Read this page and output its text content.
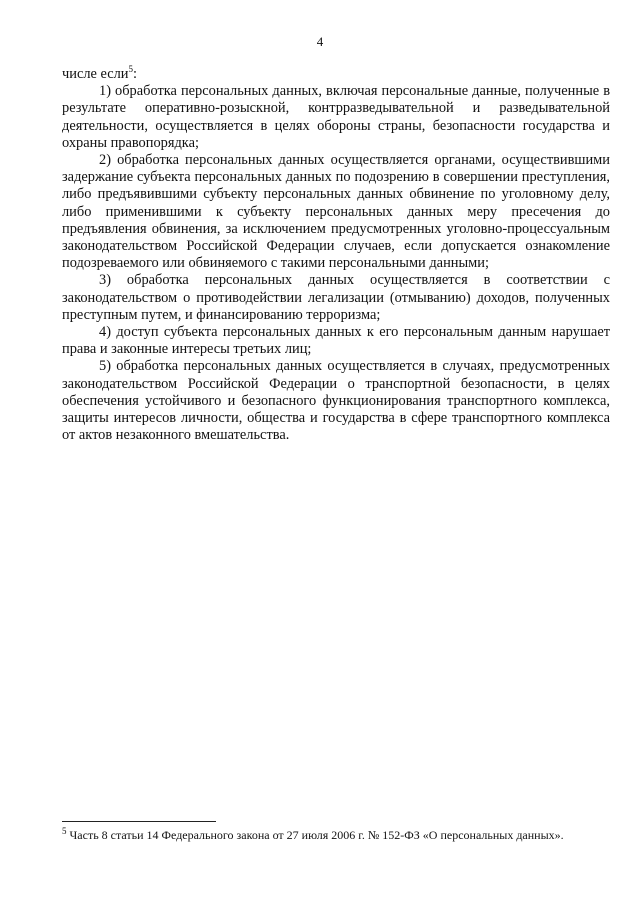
4

числе если$^5$:

1) обработка персональных данных, включая персональные данные, полученные в результате оперативно-розыскной, контрразведывательной и разведывательной деятельности, осуществляется в целях обороны страны, безопасности государства и охраны правопорядка;

2) обработка персональных данных осуществляется органами, осуществившими задержание субъекта персональных данных по подозрению в совершении преступления, либо предъявившими субъекту персональных данных обвинение по уголовному делу, либо применившими к субъекту персональных данных меру пресечения до предъявления обвинения, за исключением предусмотренных уголовно-процессуальным законодательством Российской Федерации случаев, если допускается ознакомление подозреваемого или обвиняемого с такими персональными данными;

3) обработка персональных данных осуществляется в соответствии с законодательством о противодействии легализации (отмыванию) доходов, полученных преступным путем, и финансированию терроризма;

4) доступ субъекта персональных данных к его персональным данным нарушает права и законные интересы третьих лиц;

5) обработка персональных данных осуществляется в случаях, предусмотренных законодательством Российской Федерации о транспортной безопасности, в целях обеспечения устойчивого и безопасного функционирования транспортного комплекса, защиты интересов личности, общества и государства в сфере транспортного комплекса от актов незаконного вмешательства.

$^5$ Часть 8 статьи 14 Федерального закона от 27 июля 2006 г. № 152-ФЗ «О персональных данных».
